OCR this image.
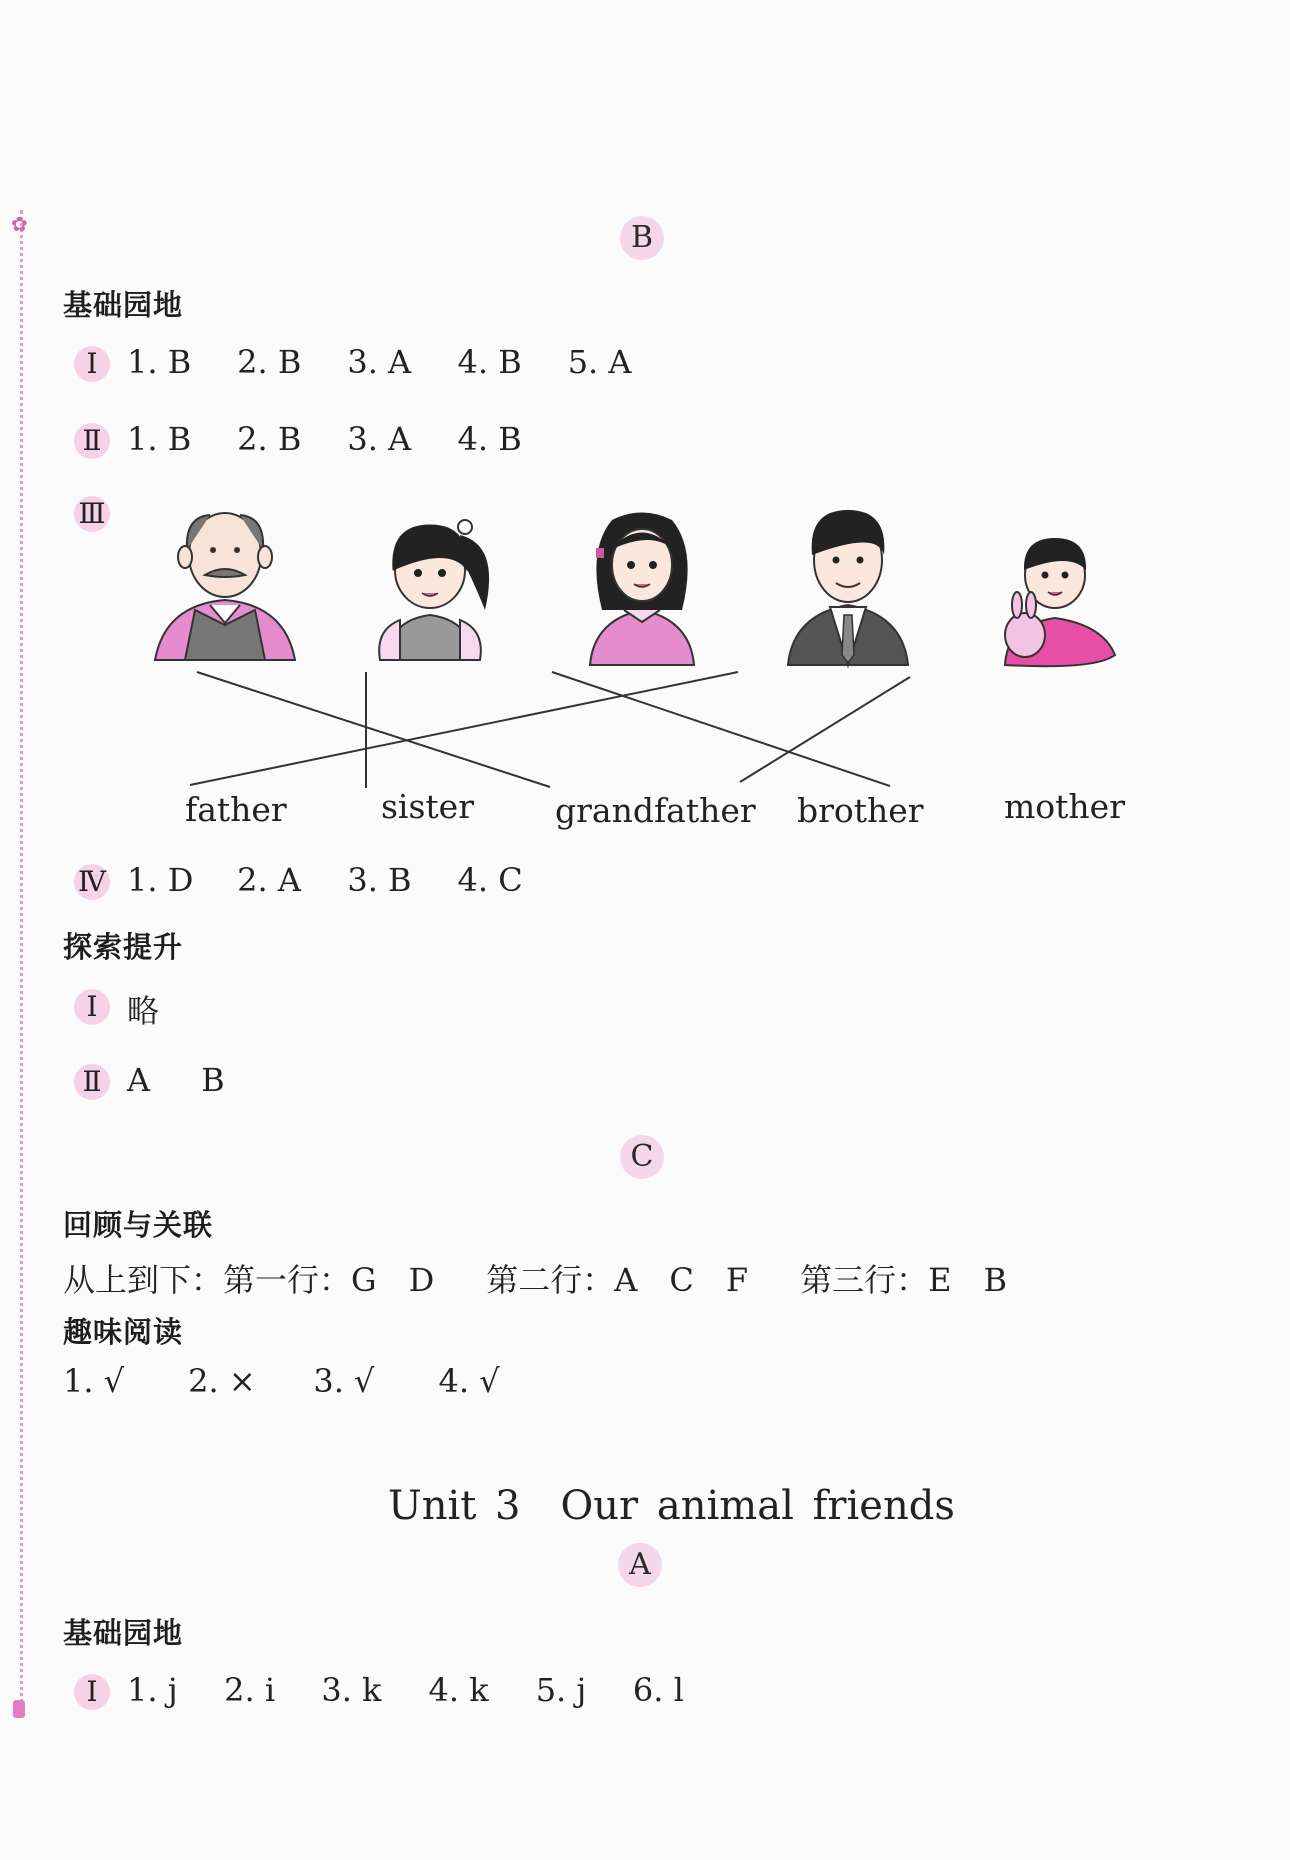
✿	B
基础园地
Ⅰ 1. B 2. B 3. A 4. B 5. A
Ⅱ 1. B 2. B 3. A 4. B
Ⅲ
father	sister grandfather brother mother
Ⅳ 1. D 2. A 3. B 4. C
探索提升
Ⅰ 略
Ⅱ A B
C
回顾与关联
从上到下：第一行：G　D 第二行：A　C　F 第三行：E　B
趣味阅读
1. √ 2. × 3. √ 4. √
Unit 3　Our animal friends
A
基础园地
Ⅰ 1. j 2. i 3. k 4. k 5. j 6. l
